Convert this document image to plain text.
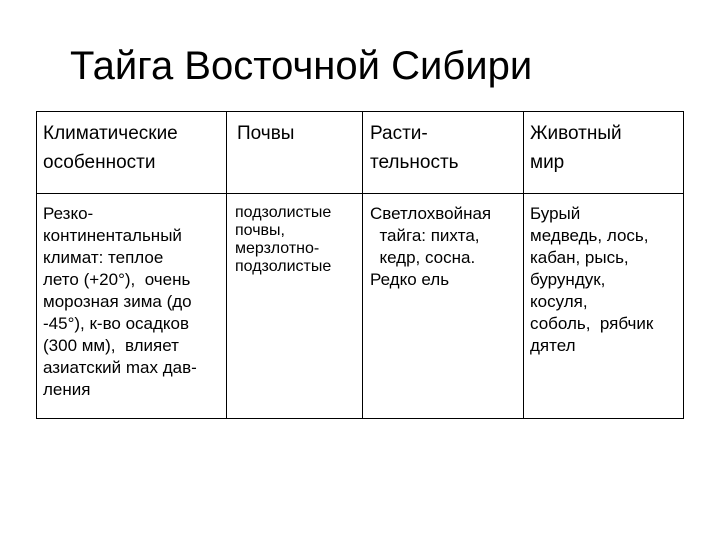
Тайга Восточной Сибири
Климатические
особенности
Почвы	Расти-
тельность
Животный
мир
Резко-
континентальный
климат: теплое
лето (+20°),  очень
морозная зима (до
-45°), к-во осадков
(300 мм),  влияет
азиатский max дав-
ления
подзолистые
почвы,
мерзлотно-
подзолистые
Светлохвойная
тайга: пихта,
кедр, сосна.
Редко ель
Бурый
медведь, лось,
кабан, рысь,
бурундук,
косуля,
соболь,  рябчик
дятел
